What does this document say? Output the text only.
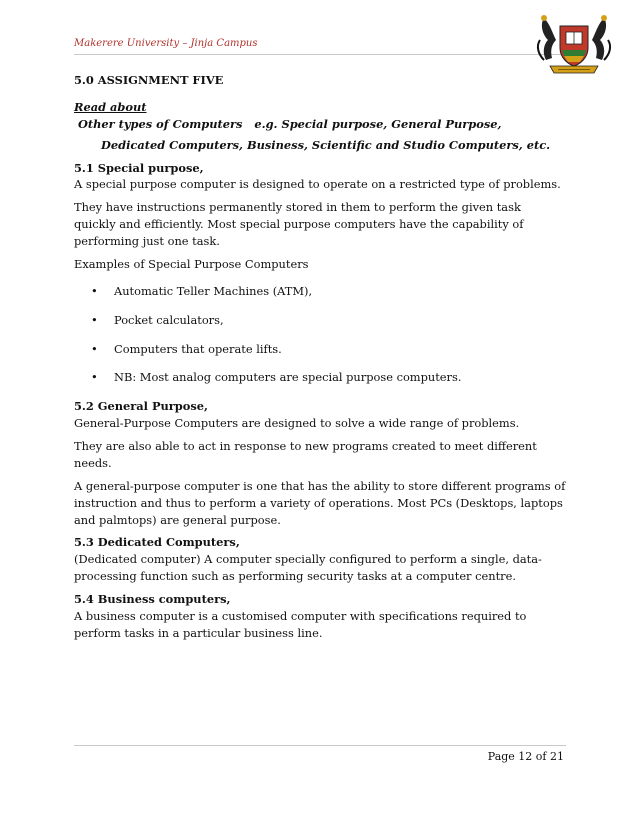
Makerere University – Jinja Campus

5.0 ASSIGNMENT FIVE

Read about Other types of Computers   e.g. Special purpose, General Purpose,

Dedicated Computers, Business, Scientific and Studio Computers, etc.

5.1 Special purpose,

A special purpose computer is designed to operate on a restricted type of problems.

They have instructions permanently stored in them to perform the given task quickly and efficiently. Most special purpose computers have the capability of performing just one task.

Examples of Special Purpose Computers

• Automatic Teller Machines (ATM),
• Pocket calculators,
• Computers that operate lifts.
• NB: Most analog computers are special purpose computers.

5.2 General Purpose,

General-Purpose Computers are designed to solve a wide range of problems.

They are also able to act in response to new programs created to meet different needs.

A general-purpose computer is one that has the ability to store different programs of instruction and thus to perform a variety of operations. Most PCs (Desktops, laptops and palmtops) are general purpose.

5.3 Dedicated Computers,

(Dedicated computer) A computer specially configured to perform a single, data-processing function such as performing security tasks at a computer centre.

5.4 Business computers,

A business computer is a customised computer with specifications required to perform tasks in a particular business line.

Page 12 of 21
